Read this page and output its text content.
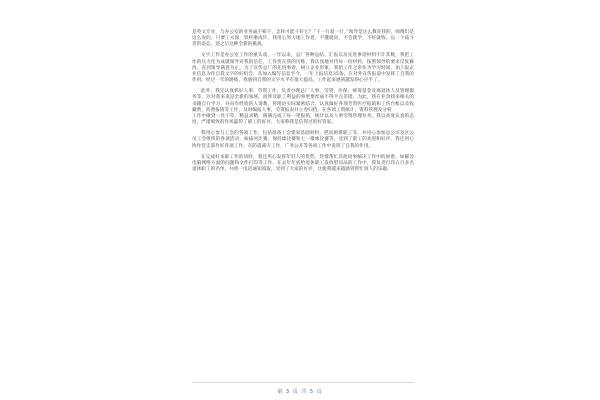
是英文专业，与办公室的业务毫不相干，怎样才能干好它？”干一行爱一行，”领导是这么教育我的，师傅们是这么说的。只要工夫深，铁杵磨成针。我用心努力地工作着，不懂就问，不会就学，不好就练。以一个战斗者的姿态，迎之后这种全新的挑战。

文字工作是办公室工作的重头戏，一年以来，总厂各种总结、汇报以及先进事迹材料不计其数，我把工作的压力化为成就领导对我的信任，工作贵在我的历练，我认真地对待每一份材料，按照领导的要求反复修改，直到领导满意为止。为了宣传总厂的先进事迹，树立企业形象，我把工作之余作为学习时间，加上报企业信息为作自我文字的好机会，从加入编写信息至今，一年上报信息35条，在对外宣传报道中发挥了自我的作用。经过一年的磨练，我感到自我的文字水平有很大提高，工作起来感到越发得心应手了。

此外，我还认真抓好人事，劳资工作，负责办理总厂人事，劳资，医保，统筹基金及离退休人员管理服务等。这对我来说是全新的领域，而涉及职工利益的事更要丝毫不得半点差错。为此，我在业余找来相关的书籍自行学习，并向有经验的人请教，将理论实际紧密结合，认真做好各项劳资医疗报销和工伤台帐以及收藏费，药费报销等工作，及时编报人事，劳资报表并立卷归档，在各项工资统计，资料管理及分析

工作中做到一丝不苟，精益求精，圆满完成了每一笔报销，统计以及人事劳资管理业务。我以高度认真的态度，严谨细致的作风赢得了职工的好评，大家称我是信得过的好管家。

我用心参与工会的各项工作，包括准备工会建家基础材料，慰问困难职工等，并用心参加总公司及区公司工会组织的各项活动，如拔河比赛，保持球比赛和七一歌咏比赛等，受到了职工的欢迎和好评，我还用心协作党支部作好各项工作，在防震减灾工作，广务公开等各项工作中发挥了自我的作用。

在完成好本职工作的同时，我还用心发挥年轻人的优势，热情帮忙其他同事解决工作中的困难，如解答电脑网络方面的问题和文件打印等工作。在去年年底给退休职工发放慰问品的工作中，我负责打印五百多名退休职工的名单，并逐一电话通知领取，受到了大家的好评，这使我越来越感到帮忙别人的乐趣。

第 3 页 共 5 页
